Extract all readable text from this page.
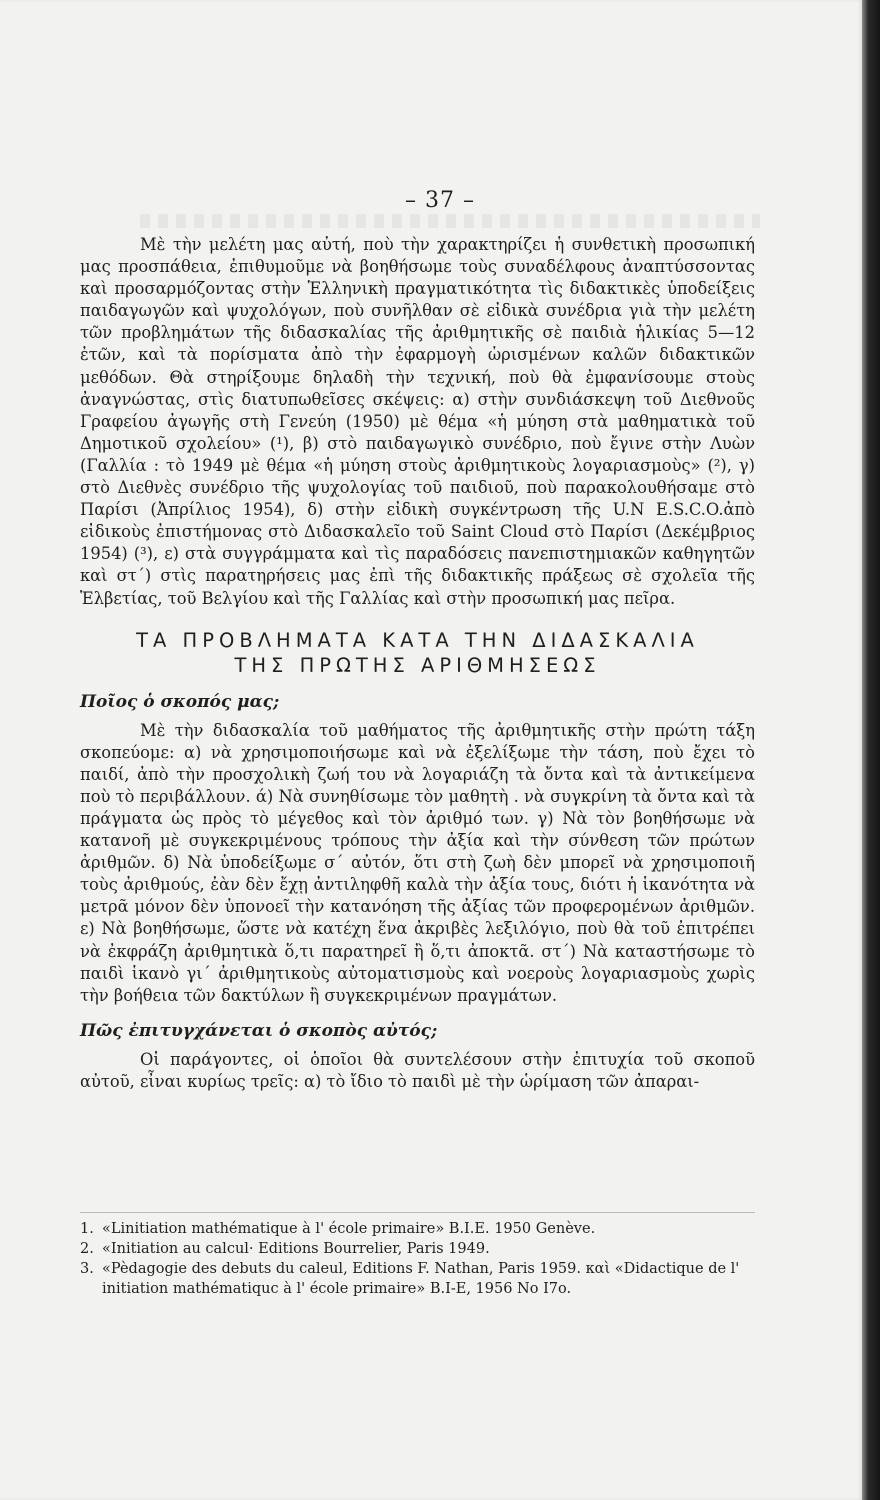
– 37 –

Μὲ τὴν μελέτη μας αὐτή, ποὺ τὴν χαρακτηρίζει ἡ συνθετικὴ προσωπική μας προσπάθεια, ἐπιθυμοῦμε νὰ βοηθήσωμε τοὺς συναδέλφους ἀναπτύσσοντας καὶ προσαρμόζοντας στὴν Ἑλληνικὴ πραγματικότητα τὶς διδακτικὲς ὑποδείξεις παιδαγωγῶν καὶ ψυχολόγων, ποὺ συνῆλθαν σὲ εἰδικὰ συνέδρια γιὰ τὴν μελέτη τῶν προβλημάτων τῆς διδασκαλίας τῆς ἀριθμητικῆς σὲ παιδιὰ ἡλικίας 5—12 ἐτῶν, καὶ τὰ πορίσματα ἀπὸ τὴν ἐφαρμογὴ ὡρισμένων καλῶν διδακτικῶν μεθόδων. Θὰ στηρίξουμε δηλαδὴ τὴν τεχνική, ποὺ θὰ ἐμφανίσουμε στοὺς ἀναγνώστας, στὶς διατυπωθεῖσες σκέψεις: α) στὴν συνδιάσκεψη τοῦ Διεθνοῦς Γραφείου ἀγωγῆς στὴ Γενεύη (1950) μὲ θέμα «ἡ μύηση στὰ μαθηματικὰ τοῦ Δημοτικοῦ σχολείου» (¹), β) στὸ παιδαγωγικὸ συνέδριο, ποὺ ἔγινε στὴν Λυὼν (Γαλλία : τὸ 1949 μὲ θέμα «ἡ μύηση στοὺς ἀριθμητικοὺς λογαριασμοὺς» (²), γ) στὸ Διεθνὲς συνέδριο τῆς ψυχολογίας τοῦ παιδιοῦ, ποὺ παρακολουθήσαμε στὸ Παρίσι (Ἀπρίλιος 1954), δ) στὴν εἰδικὴ συγκέντρωση τῆς U.N E.S.C.O.ἀπὸ εἰδικοὺς ἐπιστήμονας στὸ Διδασκαλεῖο τοῦ Saint Cloud στὸ Παρίσι (Δεκέμβριος 1954) (³), ε) στὰ συγγράμματα καὶ τὶς παραδόσεις πανεπιστημιακῶν καθηγητῶν καὶ στ΄) στὶς παρατηρήσεις μας ἐπὶ τῆς διδακτικῆς πράξεως σὲ σχολεῖα τῆς Ἑλβετίας, τοῦ Βελγίου καὶ τῆς Γαλλίας καὶ στὴν προσωπική μας πεῖρα.

ΤΑ ΠΡΟΒΛΗΜΑΤΑ ΚΑΤΑ ΤΗΝ ΔΙΔΑΣΚΑΛΙΑ
ΤΗΣ ΠΡΩΤΗΣ ΑΡΙΘΜΗΣΕΩΣ
Ποῖος ὁ σκοπός μας;

Μὲ τὴν διδασκαλία τοῦ μαθήματος τῆς ἀριθμητικῆς στὴν πρώτη τάξη σκοπεύομε: α) νὰ χρησιμοποιήσωμε καὶ νὰ ἐξελίξωμε τὴν τάση, ποὺ ἔχει τὸ παιδί, ἀπὸ τὴν προσχολικὴ ζωή του νὰ λογαριάζη τὰ ὄντα καὶ τὰ ἀντικείμενα ποὺ τὸ περιβάλλουν. ά) Νὰ συνηθίσωμε τὸν μαθητὴ . νὰ συγκρίνη τὰ ὄντα καὶ τὰ πράγματα ὡς πρὸς τὸ μέγεθος καὶ τὸν ἀριθμό των. γ) Νὰ τὸν βοηθήσωμε νὰ κατανοῆ μὲ συγκεκριμένους τρόπους τὴν ἀξία καὶ τὴν σύνθεση τῶν πρώτων ἀριθμῶν. δ) Νὰ ὑποδείξωμε σ΄ αὐτόν, ὅτι στὴ ζωὴ δὲν μπορεῖ νὰ χρησιμοποιῆ τοὺς ἀριθμούς, ἐὰν δὲν ἔχῃ ἀντιληφθῆ καλὰ τὴν ἀξία τους, διότι ἡ ἱκανότητα νὰ μετρᾶ μόνον δὲν ὑπονοεῖ τὴν κατανόηση τῆς ἀξίας τῶν προφερομένων ἀριθμῶν. ε) Νὰ βοηθήσωμε, ὥστε νὰ κατέχη ἕνα ἀκριβὲς λεξιλόγιο, ποὺ θὰ τοῦ ἐπιτρέπει νὰ ἐκφράζη ἀριθμητικὰ ὅ,τι παρατηρεῖ ἢ ὅ,τι ἀποκτᾶ. στ΄) Νὰ καταστήσωμε τὸ παιδὶ ἱκανὸ γι΄ ἀριθμητικοὺς αὐτοματισμοὺς καὶ νοεροὺς λογαριασμοὺς χωρὶς τὴν βοήθεια τῶν δακτύλων ἢ συγκεκριμένων πραγμάτων.

Πῶς ἐπιτυγχάνεται ὁ σκοπὸς αὐτός;

Οἱ παράγοντες, οἱ ὁποῖοι θὰ συντελέσουν στὴν ἐπιτυχία τοῦ σκοποῦ αὐτοῦ, εἶναι κυρίως τρεῖς: α) τὸ ἴδιο τὸ παιδὶ μὲ τὴν ὡρίμαση τῶν ἀπαραι-

1. «Linitiation mathématique à l' école primaire» B.I.E. 1950 Genève.
2. «Initiation au calcul· Editions Bourrelier, Paris 1949.
3. «Pèdagogie des debuts du caleul, Editions F. Nathan, Paris 1959. καὶ «Didactique de l' initiation mathématiquc à l' école primaire» B.I-E, 1956 No I7o.
